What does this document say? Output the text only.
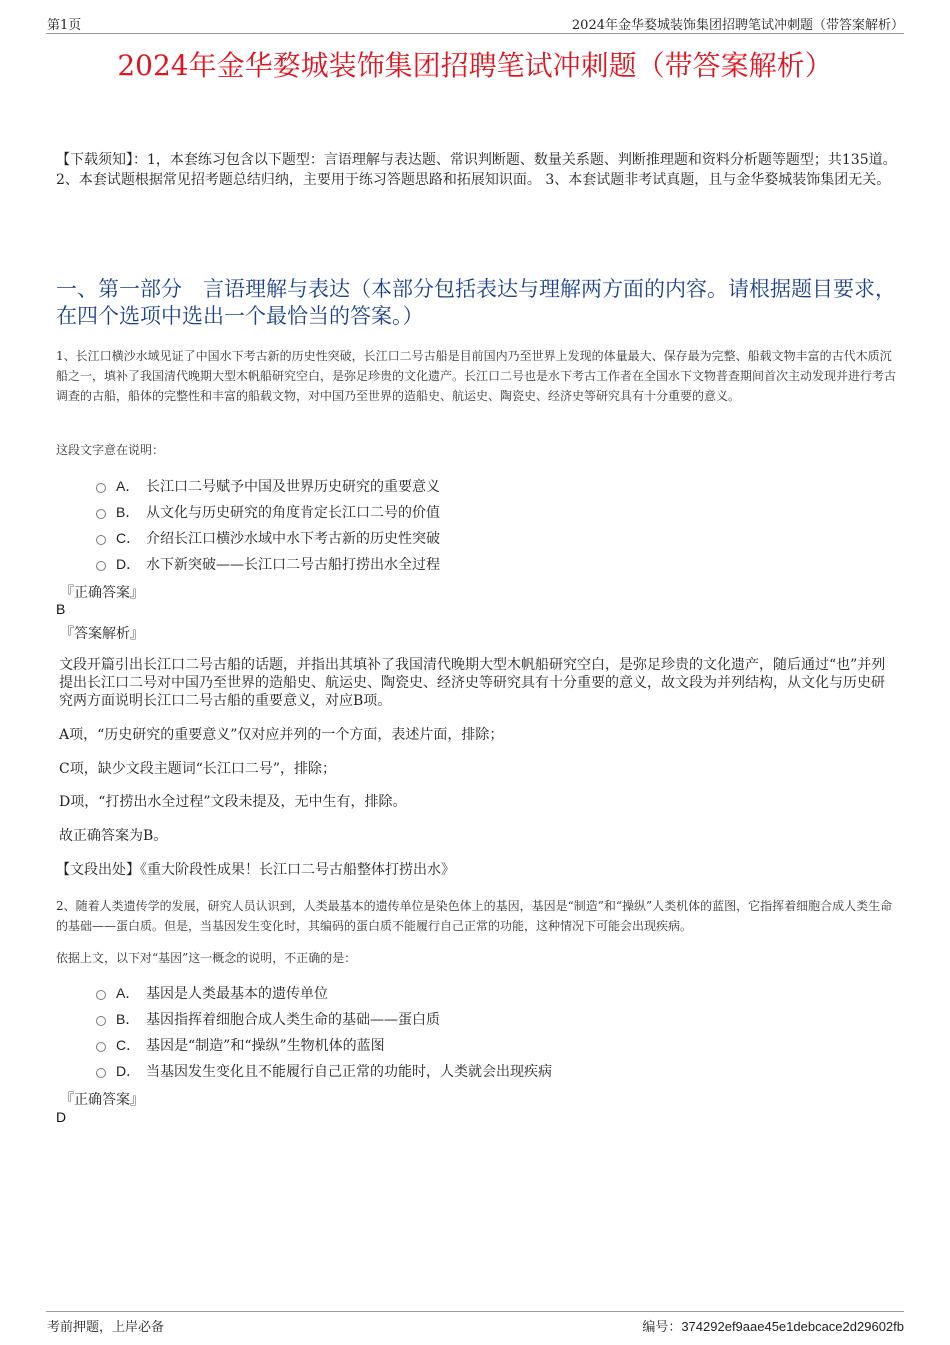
第1页	2024年金华婺城装饰集团招聘笔试冲刺题（带答案解析）
2024年金华婺城装饰集团招聘笔试冲刺题（带答案解析）
【下载须知】：1，本套练习包含以下题型：言语理解与表达题、常识判断题、数量关系题、判断推理题和资料分析题等题型；共135道。 2、本套试题根据常见招考题总结归纳，主要用于练习答题思路和拓展知识面。 3、本套试题非考试真题，且与金华婺城装饰集团无关。
一、第一部分　言语理解与表达（本部分包括表达与理解两方面的内容。请根据题目要求，在四个选项中选出一个最恰当的答案。）
1、长江口横沙水域见证了中国水下考古新的历史性突破，长江口二号古船是目前国内乃至世界上发现的体量最大、保存最为完整、船载文物丰富的古代木质沉船之一，填补了我国清代晚期大型木帆船研究空白，是弥足珍贵的文化遗产。长江口二号也是水下考古工作者在全国水下文物普查期间首次主动发现并进行考古调查的古船，船体的完整性和丰富的船载文物，对中国乃至世界的造船史、航运史、陶瓷史、经济史等研究具有十分重要的意义。
这段文字意在说明：
A． 长江口二号赋予中国及世界历史研究的重要意义
B． 从文化与历史研究的角度肯定长江口二号的价值
C． 介绍长江口横沙水域中水下考古新的历史性突破
D． 水下新突破——长江口二号古船打捞出水全过程
『正确答案』
B
『答案解析』
文段开篇引出长江口二号古船的话题，并指出其填补了我国清代晚期大型木帆船研究空白，是弥足珍贵的文化遗产，随后通过“也”并列提出长江口二号对中国乃至世界的造船史、航运史、陶瓷史、经济史等研究具有十分重要的意义，故文段为并列结构，从文化与历史研究两方面说明长江口二号古船的重要意义，对应B项。
A项，“历史研究的重要意义”仅对应并列的一个方面，表述片面，排除；
C项，缺少文段主题词“长江口二号”，排除；
D项，“打捞出水全过程”文段未提及，无中生有，排除。
故正确答案为B。
【文段出处】《重大阶段性成果！长江口二号古船整体打捞出水》
2、随着人类遗传学的发展，研究人员认识到，人类最基本的遗传单位是染色体上的基因，基因是“制造”和“操纵”人类机体的蓝图，它指挥着细胞合成人类生命的基础——蛋白质。但是，当基因发生变化时，其编码的蛋白质不能履行自己正常的功能，这种情况下可能会出现疾病。
依据上文，以下对“基因”这一概念的说明，不正确的是：
A． 基因是人类最基本的遗传单位
B． 基因指挥着细胞合成人类生命的基础——蛋白质
C． 基因是“制造”和“操纵”生物机体的蓝图
D． 当基因发生变化且不能履行自己正常的功能时，人类就会出现疾病
『正确答案』
D
考前押题，上岸必备	编号：374292ef9aae45e1debcace2d29602fb
